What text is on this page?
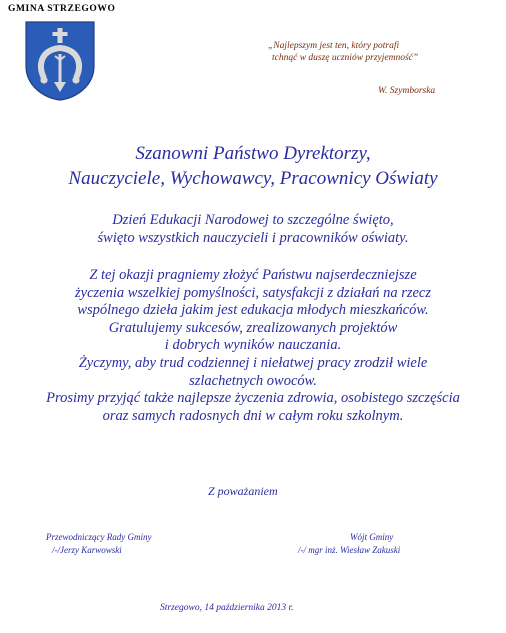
GMINA STRZEGOWO
„Najlepszym jest ten, który potrafi
tchnąć w duszę uczniów przyjemność”
W. Szymborska
Szanowni Państwo Dyrektorzy,
Nauczyciele, Wychowawcy, Pracownicy Oświaty
Dzień Edukacji Narodowej to szczególne święto,
święto wszystkich nauczycieli i pracowników oświaty.
Z tej okazji pragniemy złożyć Państwu najserdeczniejsze
życzenia wszelkiej pomyślności, satysfakcji z działań na rzecz
wspólnego dzieła jakim jest edukacja młodych mieszkańców.
Gratulujemy sukcesów, zrealizowanych projektów
i dobrych wyników nauczania.
Życzymy, aby trud codziennej i niełatwej pracy zrodził wiele
szlachetnych owoców.
Prosimy przyjąć także najlepsze życzenia zdrowia, osobistego szczęścia
oraz samych radosnych dni w całym roku szkolnym.
Z poważaniem
Przewodniczący Rady Gminy
/-/Jerzy Karwowski
Wójt Gminy
/-/ mgr inż. Wiesław Zakuski
Strzegowo, 14 października 2013 r.
